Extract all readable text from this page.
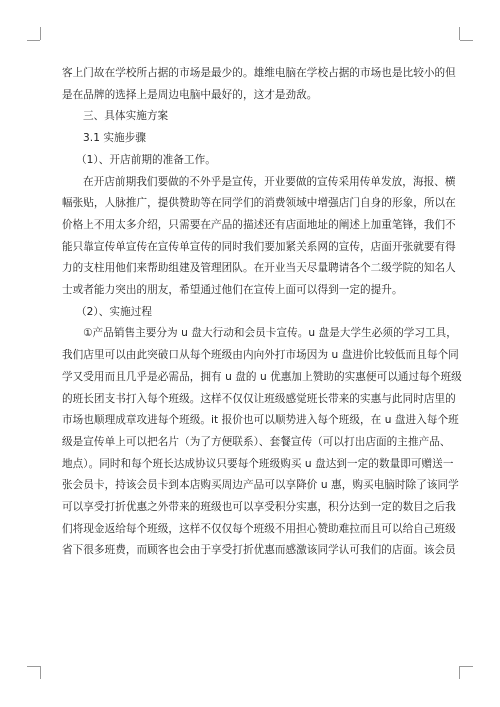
客上门故在学校所占据的市场是最少的。雄维电脑在学校占据的市场也是比较小的但

是在品牌的选择上是周边电脑中最好的，这才是劲敌。

三、具体实施方案

3.1 实施步骤

（1）、开店前期的准备工作。

在开店前期我们要做的不外乎是宣传，开业要做的宣传采用传单发放，海报、横

幅张贴，人脉推广，提供赞助等在同学们的消费领域中增强店门自身的形象，所以在

价格上不用太多介绍，只需要在产品的描述还有店面地址的阐述上加重笔锋，我们不

能只靠宣传单宣传在宣传单宣传的同时我们要加紧关系网的宣传，店面开张就要有得

力的支柱用他们来帮助组建及管理团队。在开业当天尽量聘请各个二级学院的知名人

士或者能力突出的朋友，希望通过他们在宣传上面可以得到一定的提升。

（2）、实施过程

①产品销售主要分为 u 盘大行动和会员卡宣传。u 盘是大学生必须的学习工具，

我们店里可以由此突破口从每个班级由内向外打市场因为 u 盘进价比较低而且每个同

学又受用而且几乎是必需品，拥有 u 盘的 u 优惠加上赞助的实惠便可以通过每个班级

的班长团支书打入每个班级。这样不仅仅让班级感觉班长带来的实惠与此同时店里的

市场也顺理成章攻进每个班级。it 报价也可以顺势进入每个班级，在 u 盘进入每个班

级是宣传单上可以把名片（为了方便联系）、套餐宣传（可以打出店面的主推产品、

地点）。同时和每个班长达成协议只要每个班级购买 u 盘达到一定的数量即可赠送一

张会员卡，持该会员卡到本店购买周边产品可以享降价 u 惠，购买电脑时除了该同学

可以享受打折优惠之外带来的班级也可以享受积分实惠，积分达到一定的数目之后我

们将现金返给每个班级，这样不仅仅每个班级不用担心赞助难拉而且可以给自己班级

省下很多班费，而顾客也会由于享受打折优惠而感激该同学认可我们的店面。该会员
